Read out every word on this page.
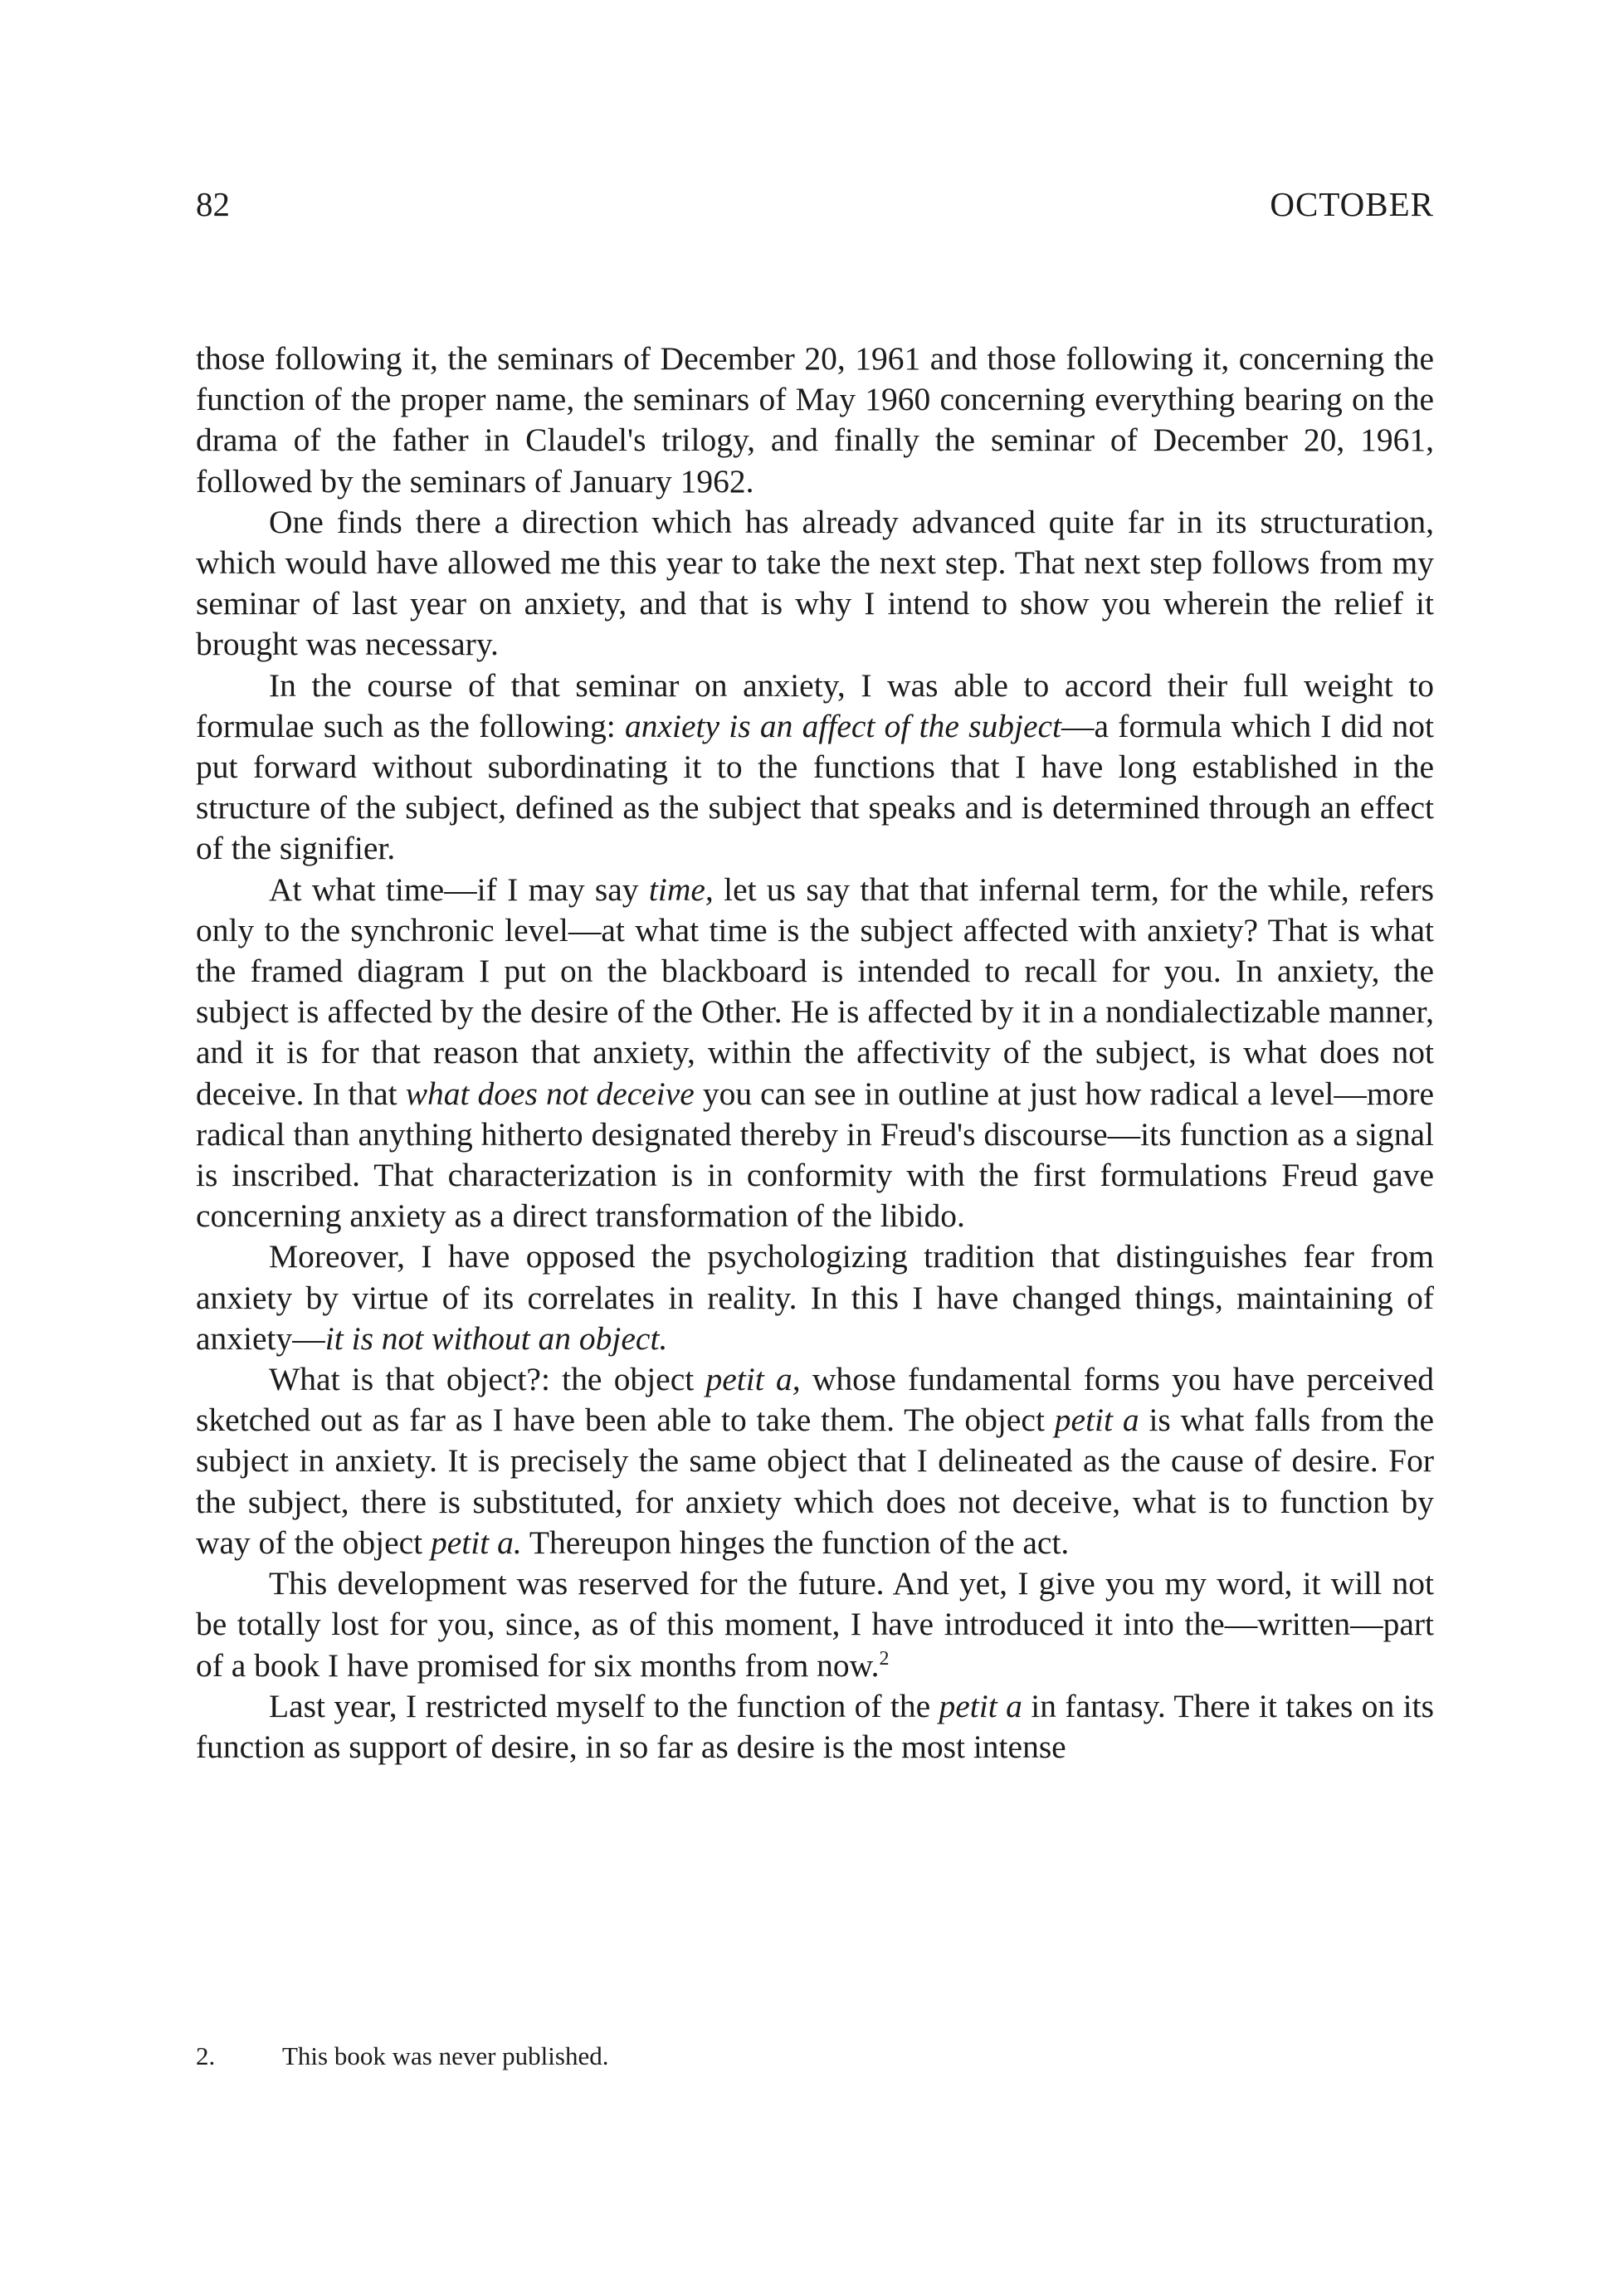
82	OCTOBER

those following it, the seminars of December 20, 1961 and those following it, concerning the function of the proper name, the seminars of May 1960 concerning everything bearing on the drama of the father in Claudel's trilogy, and finally the seminar of December 20, 1961, followed by the seminars of January 1962.

One finds there a direction which has already advanced quite far in its structuration, which would have allowed me this year to take the next step. That next step follows from my seminar of last year on anxiety, and that is why I intend to show you wherein the relief it brought was necessary.

In the course of that seminar on anxiety, I was able to accord their full weight to formulae such as the following: anxiety is an affect of the subject—a formula which I did not put forward without subordinating it to the functions that I have long established in the structure of the subject, defined as the subject that speaks and is determined through an effect of the signifier.

At what time—if I may say time, let us say that that infernal term, for the while, refers only to the synchronic level—at what time is the subject affected with anxiety? That is what the framed diagram I put on the blackboard is intended to recall for you. In anxiety, the subject is affected by the desire of the Other. He is affected by it in a nondialectizable manner, and it is for that reason that anxiety, within the affectivity of the subject, is what does not deceive. In that what does not deceive you can see in outline at just how radical a level—more radical than anything hitherto designated thereby in Freud's discourse—its function as a signal is inscribed. That characterization is in conformity with the first formulations Freud gave concerning anxiety as a direct transformation of the libido.

Moreover, I have opposed the psychologizing tradition that distinguishes fear from anxiety by virtue of its correlates in reality. In this I have changed things, maintaining of anxiety—it is not without an object.

What is that object?: the object petit a, whose fundamental forms you have perceived sketched out as far as I have been able to take them. The object petit a is what falls from the subject in anxiety. It is precisely the same object that I delineated as the cause of desire. For the subject, there is substituted, for anxiety which does not deceive, what is to function by way of the object petit a. Thereupon hinges the function of the act.

This development was reserved for the future. And yet, I give you my word, it will not be totally lost for you, since, as of this moment, I have introduced it into the—written—part of a book I have promised for six months from now.$^2$

Last year, I restricted myself to the function of the petit a in fantasy. There it takes on its function as support of desire, in so far as desire is the most intense

2.	This book was never published.
